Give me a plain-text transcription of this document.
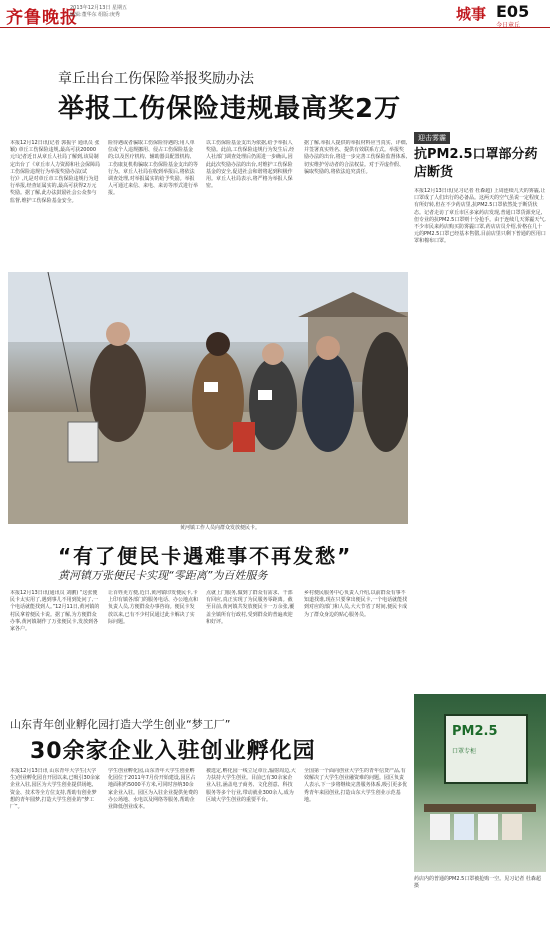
齐鲁晚报
2013年12月13日 星期五
编辑:董华东 组版:庚秀	城事 E05
今日章丘
章丘出台工伤保险举报奖励办法
举报工伤保险违规最高奖2万
本报12月12日讯(记者 郭振宇 通讯员 张颖) 章丘工伤保险违规,最高可获20000元!记者近日从章丘人社局了解到,该局制定出台了《章丘市人力资源和社会保障局工伤保险违规行为举报奖励办法(试行)》,凡是对章丘市工伤保险违规行为进行举报,经查证属实的,最高可获得2万元奖励。据了解,此办法鼓励社会公众参与监督,维护工伤保险基金安全。
险待遇或者骗取工伤保险待遇的;用人单位或个人违规挪用、侵占工伤保险基金的;以及医疗机构、辅助器具配置机构、工伤康复机构骗取工伤保险基金支出的等行为。章丘人社局在收到举报后,将依法调查处理,对举报属实的给予奖励。举报人可通过来信、来电、来访等形式进行举报。
以工伤保险基金支出为依据,给予举报人奖励。此前,工伤保险违规行为发生后,经人社部门调查处理后仍需进一步确认,因此此次奖励办法的出台,对维护工伤保险基金的安全,促进社会和谐将起到积极作用。章丘人社局表示,将严格为举报人保密。
据了解,举报人提供的举报材料应当真实、详细,并签署真实姓名、提供有效联系方式。举报奖励办法的出台,将进一步完善工伤保险监督体系,切实维护劳动者的合法权益。对于弄虚作假、骗取奖励的,将依法追究责任。
黄河镇工作人员向群众发放便民卡。
迎击雾霾
抗PM2.5口罩部分药店断货
本报12月13日讯(见习记者 杜森超) 上周连续几天的雾霾,让口罩成了人们出行的必备品。这两天的空气虽说一定程度上有所好转,但在不少药店里,抗PM2.5口罩依然处于断货状态。记者走访了章丘市区多家药店发现,普通口罩货源充足,但专业的抗PM2.5口罩则十分抢手。由于连续几天雾霾天气,不少市民来药店购买防雾霾口罩,药店店员介绍,价格在几十元的PM2.5口罩已经基本售罄,目前店里只剩下普通的医用口罩和棉布口罩。
“有了便民卡遇难事不再发愁”
黄河镇万张便民卡实现“零距离”为百姓服务
本报12月13日讯(通讯员 刘鹏) “这张便民卡太实用了,遇到事儿不用到处问了,一个电话就能找到人。”12月11日,黄河镇的村民拿着便民卡说。据了解,为方便群众办事,黄河镇制作了万张便民卡,发放到各家各户。
让百姓更方便,近日,黄河镇印发便民卡,卡上印有镇各部门的服务电话、办公地点和负责人员,方便群众办事咨询。便民卡发放以来,已有不少村民通过此卡解决了实际问题。
点就上门服务,做到了群众有需求、干部有回应,真正实现了为民服务零距离。截至目前,黄河镇共发放便民卡一万余张,覆盖全镇所有行政村,受到群众的普遍欢迎和好评。
乡村便民服务中心负责人介绍,以前群众有事不知道找谁,现在只要拿出便民卡,一个电话就能找到对应的部门和人员,大大节省了时间,便民卡成为了群众身边的贴心服务员。
山东青年创业孵化园打造大学生创业“梦工厂”
30余家企业入驻创业孵化园
本报12月13日讯 山东青年大学生(大学生)创业孵化园自开园以来,已吸引30余家企业入驻,园区为大学生创业提供场地、资金、技术等全方位支持,帮助有创业梦想的青年圆梦,打造大学生创业的“梦工厂”。
学生创业孵化园,山东青年大学生创业孵化园位于2011年7月份开始建设,园区占地面积约5000平方米,可同时容纳30余家企业入驻。园区为入驻企业提供免费的办公场地、水电以及网络等服务,帮助企业降低创业成本。
被选定,孵化园一线立足章丘,辐射周边,大力扶持大学生创业。目前已有30余家企业入驻,涵盖电子商务、文化创意、科技服务等多个行业,带动就业300余人,成为区域大学生创业的重要平台。
全国第一个面向创业大学生的青年信贷产品,有效解决了大学生创业融资难的问题。园区负责人表示,下一步将继续完善服务体系,吸引更多优秀青年来园创业,打造山东大学生创业示范基地。
PM2.5
口罩专柜
药店内的普通的PM2.5口罩被抢购一空。见习记者 杜森超 摄
